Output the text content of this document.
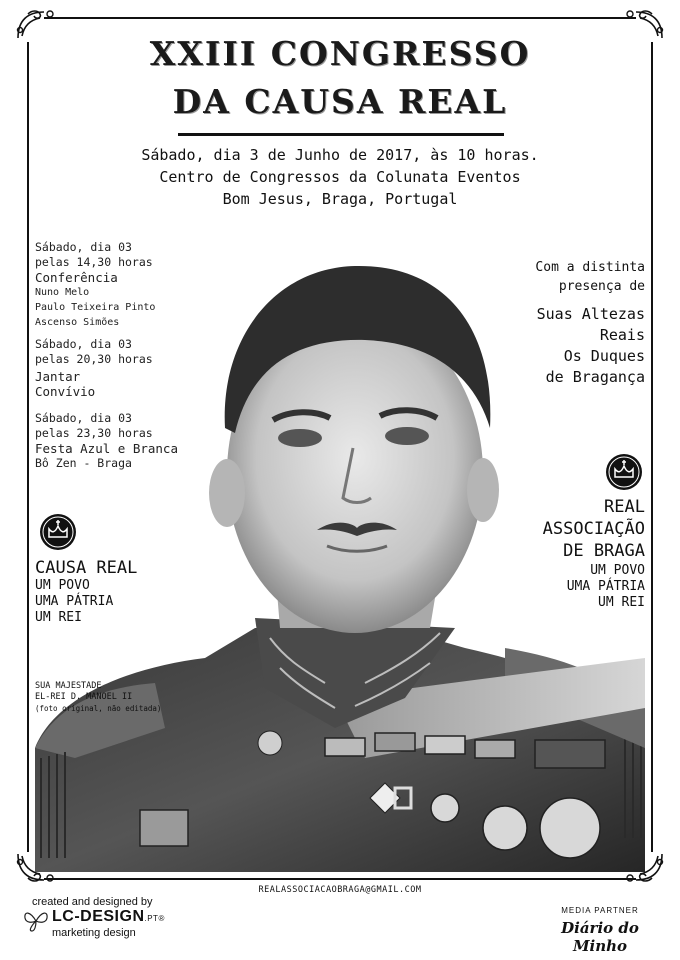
XXIII CONGRESSO
DA CAUSA REAL
Sábado, dia 3 de Junho de 2017, às 10 horas.
Centro de Congressos da Colunata Eventos
Bom Jesus, Braga, Portugal
Sábado, dia 03
pelas 14,30 horas
Conferência
Nuno Melo
Paulo Teixeira Pinto
Ascenso Simões
Sábado, dia 03
pelas 20,30 horas
Jantar
Convívio
Sábado, dia 03
pelas 23,30 horas
Festa Azul e Branca
Bô Zen - Braga
Com a distinta
presença de
Suas Altezas
Reais
Os Duques
de Bragança
CAUSA REAL
UM POVO
UMA PÁTRIA
UM REI
REAL
ASSOCIAÇÃO
DE BRAGA
UM POVO
UMA PÁTRIA
UM REI
SUA MAJESTADE
EL-REI D. MANOEL II
(foto original, não editada)
REALASSOCIACAOBRAGA@GMAIL.COM
created and designed by
LC-DESIGN.PT®
marketing design
MEDIA PARTNER
Diário do Minho
